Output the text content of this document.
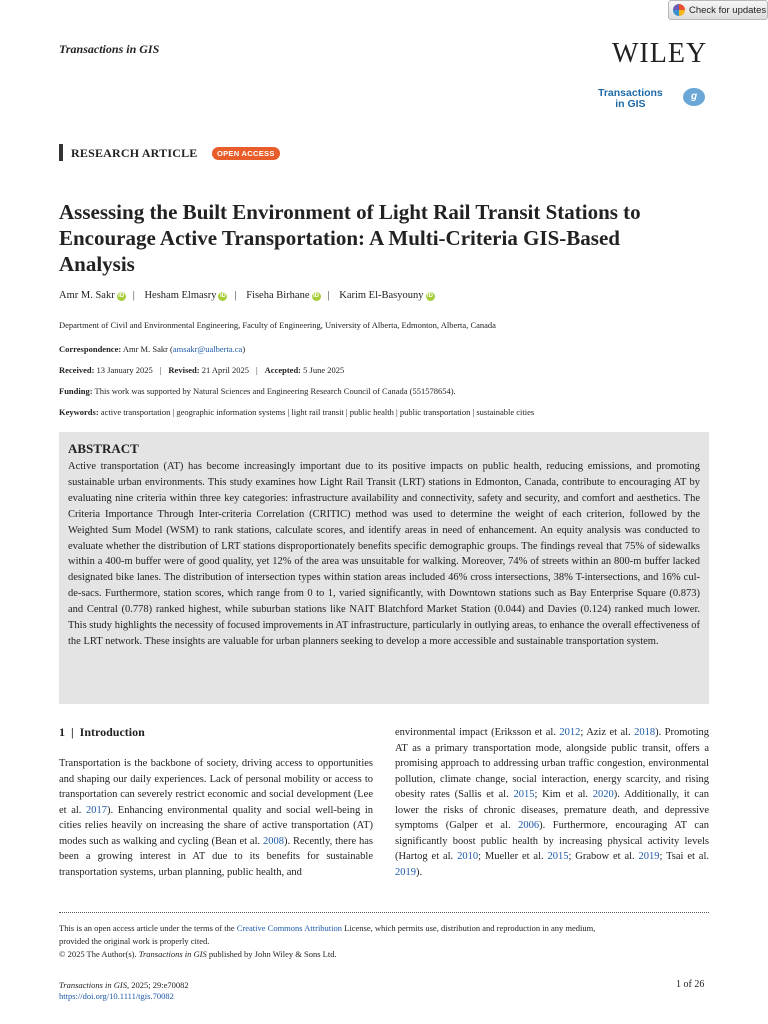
Check for updates
Transactions in GIS	WILEY
Transactions
in GIS
g
RESEARCH ARTICLE	OPEN ACCESS
Assessing the Built Environment of Light Rail Transit Stations to Encourage Active Transportation: A Multi-Criteria GIS-Based Analysis
Amr M. Sakr iD | Hesham Elmasry iD | Fiseha Birhane iD | Karim El-Basyouny iD
Department of Civil and Environmental Engineering, Faculty of Engineering, University of Alberta, Edmonton, Alberta, Canada
Correspondence: Amr M. Sakr (amsakr@ualberta.ca)
Received: 13 January 2025 | Revised: 21 April 2025 | Accepted: 5 June 2025
Funding: This work was supported by Natural Sciences and Engineering Research Council of Canada (551578654).
Keywords: active transportation | geographic information systems | light rail transit | public health | public transportation | sustainable cities
ABSTRACT
Active transportation (AT) has become increasingly important due to its positive impacts on public health, reducing emissions, and promoting sustainable urban environments. This study examines how Light Rail Transit (LRT) stations in Edmonton, Canada, contribute to encouraging AT by evaluating nine criteria within three key categories: infrastructure availability and connectivity, safety and security, and comfort and aesthetics. The Criteria Importance Through Inter-criteria Correlation (CRITIC) method was used to determine the weight of each criterion, followed by the Weighted Sum Model (WSM) to rank stations, calculate scores, and identify areas in need of enhancement. An equity analysis was conducted to evaluate whether the distribution of LRT stations disproportionately benefits specific demographic groups. The findings reveal that 75% of sidewalks within a 400-m buffer were of good quality, yet 12% of the area was unsuitable for walking. Moreover, 74% of streets within an 800-m buffer lacked designated bike lanes. The distribution of intersection types within station areas included 46% cross intersections, 38% T-intersections, and 16% cul-de-sacs. Furthermore, station scores, which range from 0 to 1, varied significantly, with Downtown stations such as Bay Enterprise Square (0.873) and Central (0.778) ranked highest, while suburban stations like NAIT Blatchford Market Station (0.044) and Davies (0.124) ranked much lower. This study highlights the necessity of focused improvements in AT infrastructure, particularly in outlying areas, to enhance the overall effectiveness of the LRT network. These insights are valuable for urban planners seeking to develop a more accessible and sustainable transportation system.
1 | Introduction
Transportation is the backbone of society, driving access to opportunities and shaping our daily experiences. Lack of personal mobility or access to transportation can severely restrict economic and social development (Lee et al. 2017). Enhancing environmental quality and social well-being in cities relies heavily on increasing the share of active transportation (AT) modes such as walking and cycling (Bean et al. 2008). Recently, there has been a growing interest in AT due to its benefits for sustainable transportation systems, urban planning, public health, and
environmental impact (Eriksson et al. 2012; Aziz et al. 2018). Promoting AT as a primary transportation mode, alongside public transit, offers a promising approach to addressing urban traffic congestion, environmental pollution, climate change, social interaction, energy scarcity, and rising obesity rates (Sallis et al. 2015; Kim et al. 2020). Additionally, it can lower the risks of chronic diseases, premature death, and depressive symptoms (Galper et al. 2006). Furthermore, encouraging AT can significantly boost public health by increasing physical activity levels (Hartog et al. 2010; Mueller et al. 2015; Grabow et al. 2019; Tsai et al. 2019).
This is an open access article under the terms of the Creative Commons Attribution License, which permits use, distribution and reproduction in any medium,
provided the original work is properly cited.
© 2025 The Author(s). Transactions in GIS published by John Wiley & Sons Ltd.
Transactions in GIS, 2025; 29:e70082
https://doi.org/10.1111/tgis.70082
1 of 26
